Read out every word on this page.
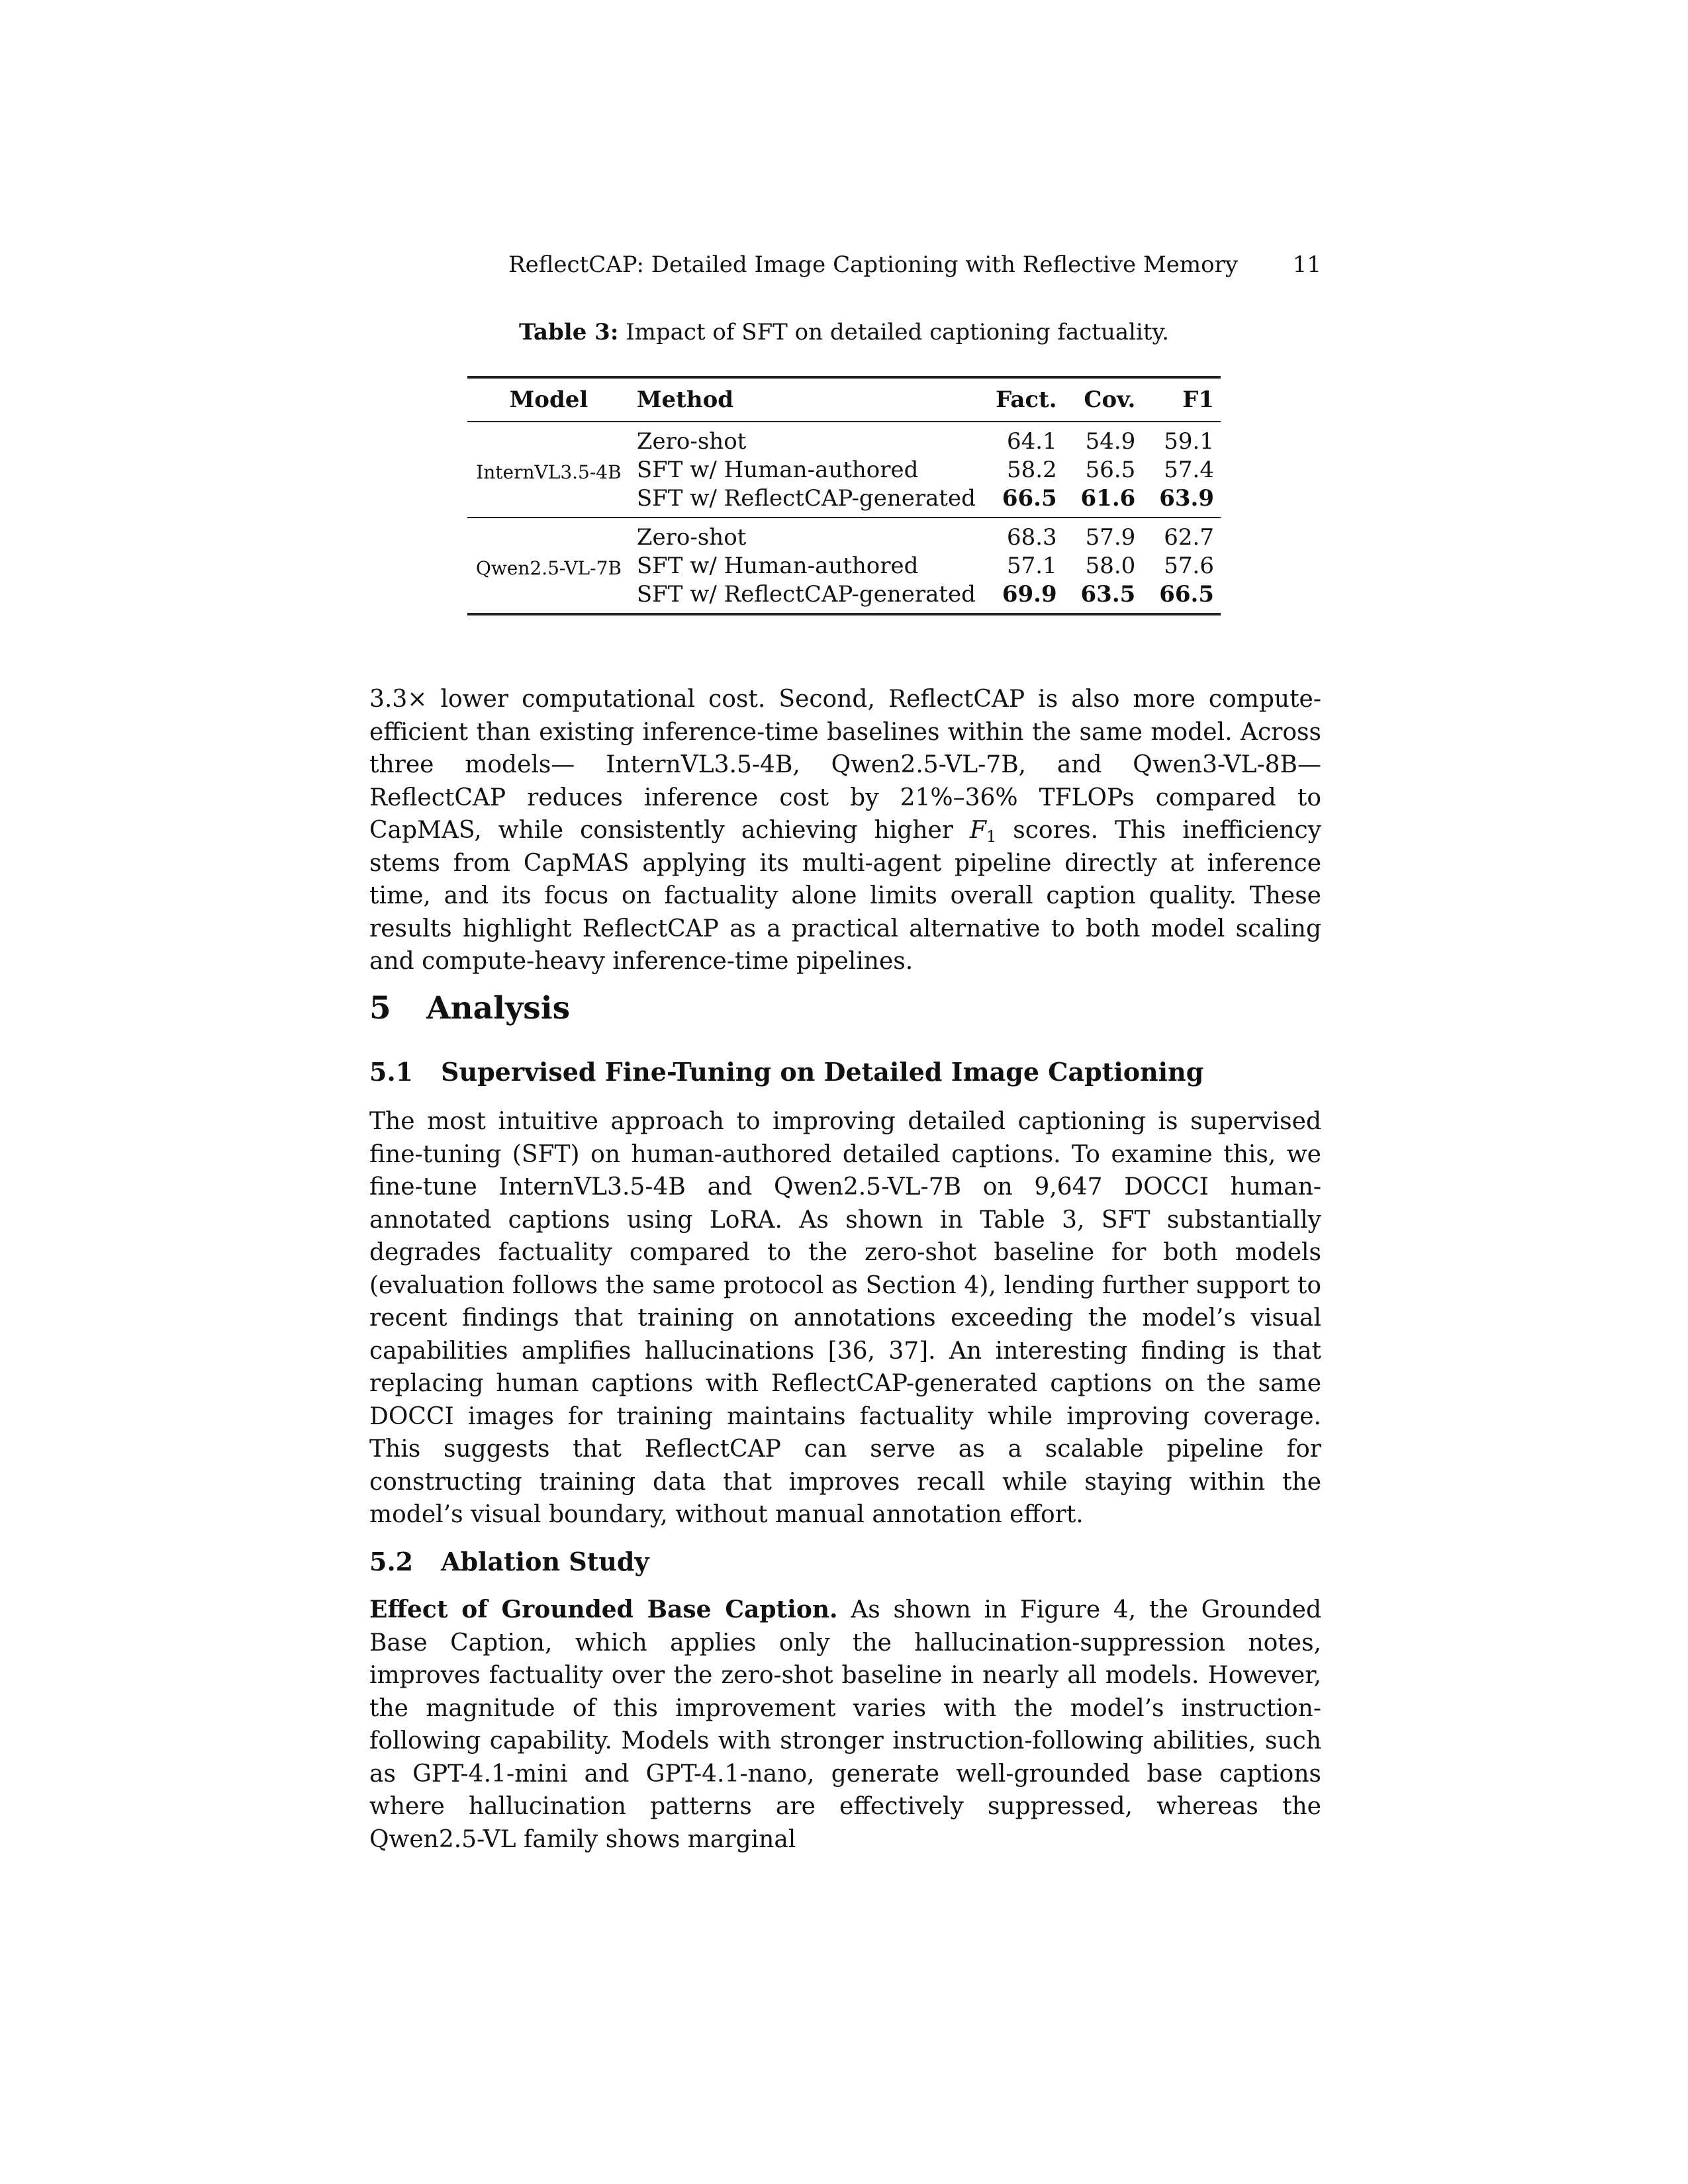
ReflectCAP: Detailed Image Captioning with Reflective Memory 11
Table 3: Impact of SFT on detailed captioning factuality.
Model	Method	Fact.	Cov.	F1
InternVL3.5-4B	Zero-shot	64.1	54.9	59.1
	SFT w/ Human-authored	58.2	56.5	57.4
	SFT w/ ReflectCAP-generated	66.5	61.6	63.9
Qwen2.5-VL-7B	Zero-shot	68.3	57.9	62.7
	SFT w/ Human-authored	57.1	58.0	57.6
	SFT w/ ReflectCAP-generated	69.9	63.5	66.5

3.3× lower computational cost. Second, ReflectCAP is also more compute-efficient than existing inference-time baselines within the same model. Across three models— InternVL3.5-4B, Qwen2.5-VL-7B, and Qwen3-VL-8B—ReflectCAP reduces inference cost by 21%–36% TFLOPs compared to CapMAS, while consistently achieving higher $F_1$ scores. This inefficiency stems from CapMAS applying its multi-agent pipeline directly at inference time, and its focus on factuality alone limits overall caption quality. These results highlight ReflectCAP as a practical alternative to both model scaling and compute-heavy inference-time pipelines.

5 Analysis
5.1 Supervised Fine-Tuning on Detailed Image Captioning

The most intuitive approach to improving detailed captioning is supervised fine-tuning (SFT) on human-authored detailed captions. To examine this, we fine-tune InternVL3.5-4B and Qwen2.5-VL-7B on 9,647 DOCCI human-annotated captions using LoRA. As shown in Table 3, SFT substantially degrades factuality compared to the zero-shot baseline for both models (evaluation follows the same protocol as Section 4), lending further support to recent findings that training on annotations exceeding the model’s visual capabilities amplifies hallucinations [36, 37]. An interesting finding is that replacing human captions with ReflectCAP-generated captions on the same DOCCI images for training maintains factuality while improving coverage. This suggests that ReflectCAP can serve as a scalable pipeline for constructing training data that improves recall while staying within the model’s visual boundary, without manual annotation effort.

5.2 Ablation Study

Effect of Grounded Base Caption. As shown in Figure 4, the Grounded Base Caption, which applies only the hallucination-suppression notes, improves factuality over the zero-shot baseline in nearly all models. However, the magnitude of this improvement varies with the model’s instruction-following capability. Models with stronger instruction-following abilities, such as GPT-4.1-mini and GPT-4.1-nano, generate well-grounded base captions where hallucination patterns are effectively suppressed, whereas the Qwen2.5-VL family shows marginal
